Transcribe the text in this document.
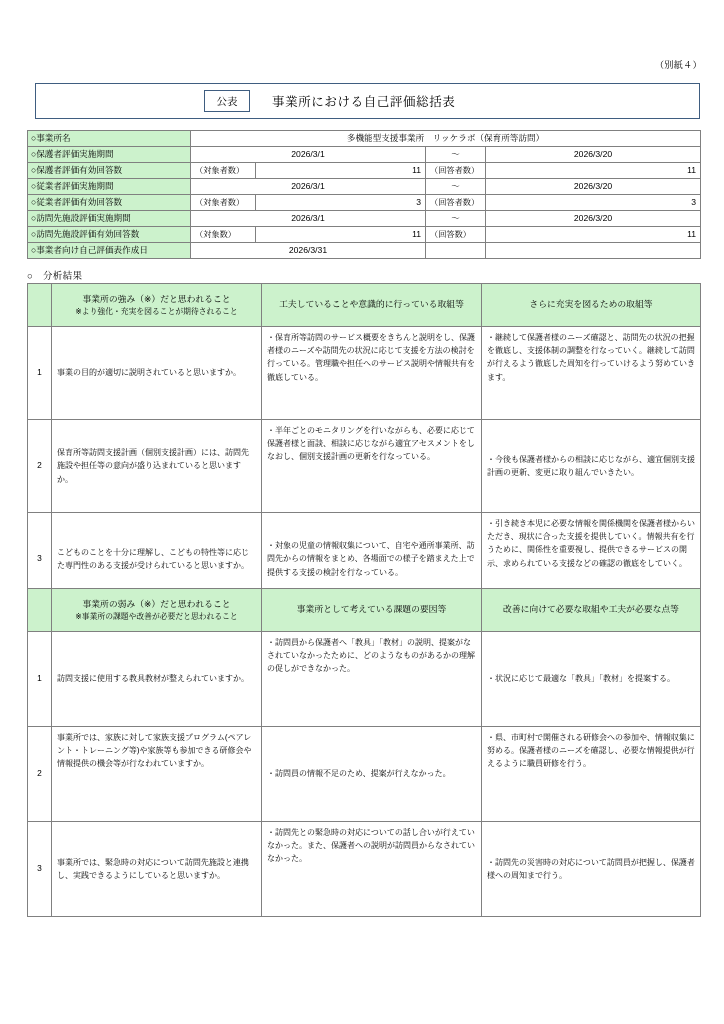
（別紙４）
公表	事業所における自己評価総括表
○事業所名	多機能型支援事業所　リッケラボ（保育所等訪問）			
○保護者評価実施期間	2026/3/1		〜	2026/3/20
○保護者評価有効回答数	（対象者数）	11	（回答者数）	11
○従業者評価実施期間	2026/3/1		〜	2026/3/20
○従業者評価有効回答数	（対象者数）	3	（回答者数）	3
○訪問先施設評価実施期間	2026/3/1		〜	2026/3/20
○訪問先施設評価有効回答数	（対象数）	11	（回答数）	11
○事業者向け自己評価表作成日	2026/3/31			
○　分析結果
	事業所の強み（※）だと思われること
※より強化・充実を図ることが期待されること	工夫していることや意識的に行っている取組等	さらに充実を図るための取組等
1	事業の目的が適切に説明されていると思いますか。	・保育所等訪問のサービス概要をきちんと説明をし、保護者様のニーズや訪問先の状況に応じて支援を方法の検討を行っている。管理職や担任へのサービス説明や情報共有を徹底している。	・継続して保護者様のニーズ確認と、訪問先の状況の把握を徹底し、支援体制の調整を行なっていく。継続して訪問が行えるよう徹底した周知を行っていけるよう努めていきます。
2	保育所等訪問支援計画（個別支援計画）には、訪問先施設や担任等の意向が盛り込まれていると思いますか。	・半年ごとのモニタリングを行いながらも、必要に応じて保護者様と面談、相談に応じながら適宜アセスメントをしなおし、個別支援計画の更新を行なっている。	・今後も保護者様からの相談に応じながら、適宜個別支援計画の更新、変更に取り組んでいきたい。
3	こどものことを十分に理解し、こどもの特性等に応じた専門性のある支援が受けられていると思いますか。	・対象の児童の情報収集について、自宅や通所事業所、訪問先からの情報をまとめ、各場面での様子を踏まえた上で提供する支援の検討を行なっている。	・引き続き本児に必要な情報を関係機関を保護者様からいただき、現状に合った支援を提供していく。情報共有を行うために、関係性を重要視し、提供できるサービスの開示、求められている支援などの確認の徹底をしていく。
	事業所の弱み（※）だと思われること
※事業所の課題や改善が必要だと思われること	事業所として考えている課題の要因等	改善に向けて必要な取組や工夫が必要な点等
1	訪問支援に使用する教具教材が整えられていますか。	・訪問員から保護者へ「教具」「教材」の説明、提案がなされていなかったために、どのようなものがあるかの理解の促しができなかった。	・状況に応じて最適な「教具」「教材」を提案する。
2	事業所では、家族に対して家族支援プログラム(ペアレント・トレーニング等)や家族等も参加できる研修会や情報提供の機会等が行なわれていますか。	・訪問員の情報不足のため、提案が行えなかった。	・県、市町村で開催される研修会への参加や、情報収集に努める。保護者様のニーズを確認し、必要な情報提供が行えるように職員研修を行う。
3	事業所では、緊急時の対応について訪問先施設と連携し、実践できるようにしていると思いますか。	・訪問先との緊急時の対応についての話し合いが行えていなかった。また、保護者への説明が訪問員からなされていなかった。	・訪問先の災害時の対応について訪問員が把握し、保護者様への周知まで行う。
